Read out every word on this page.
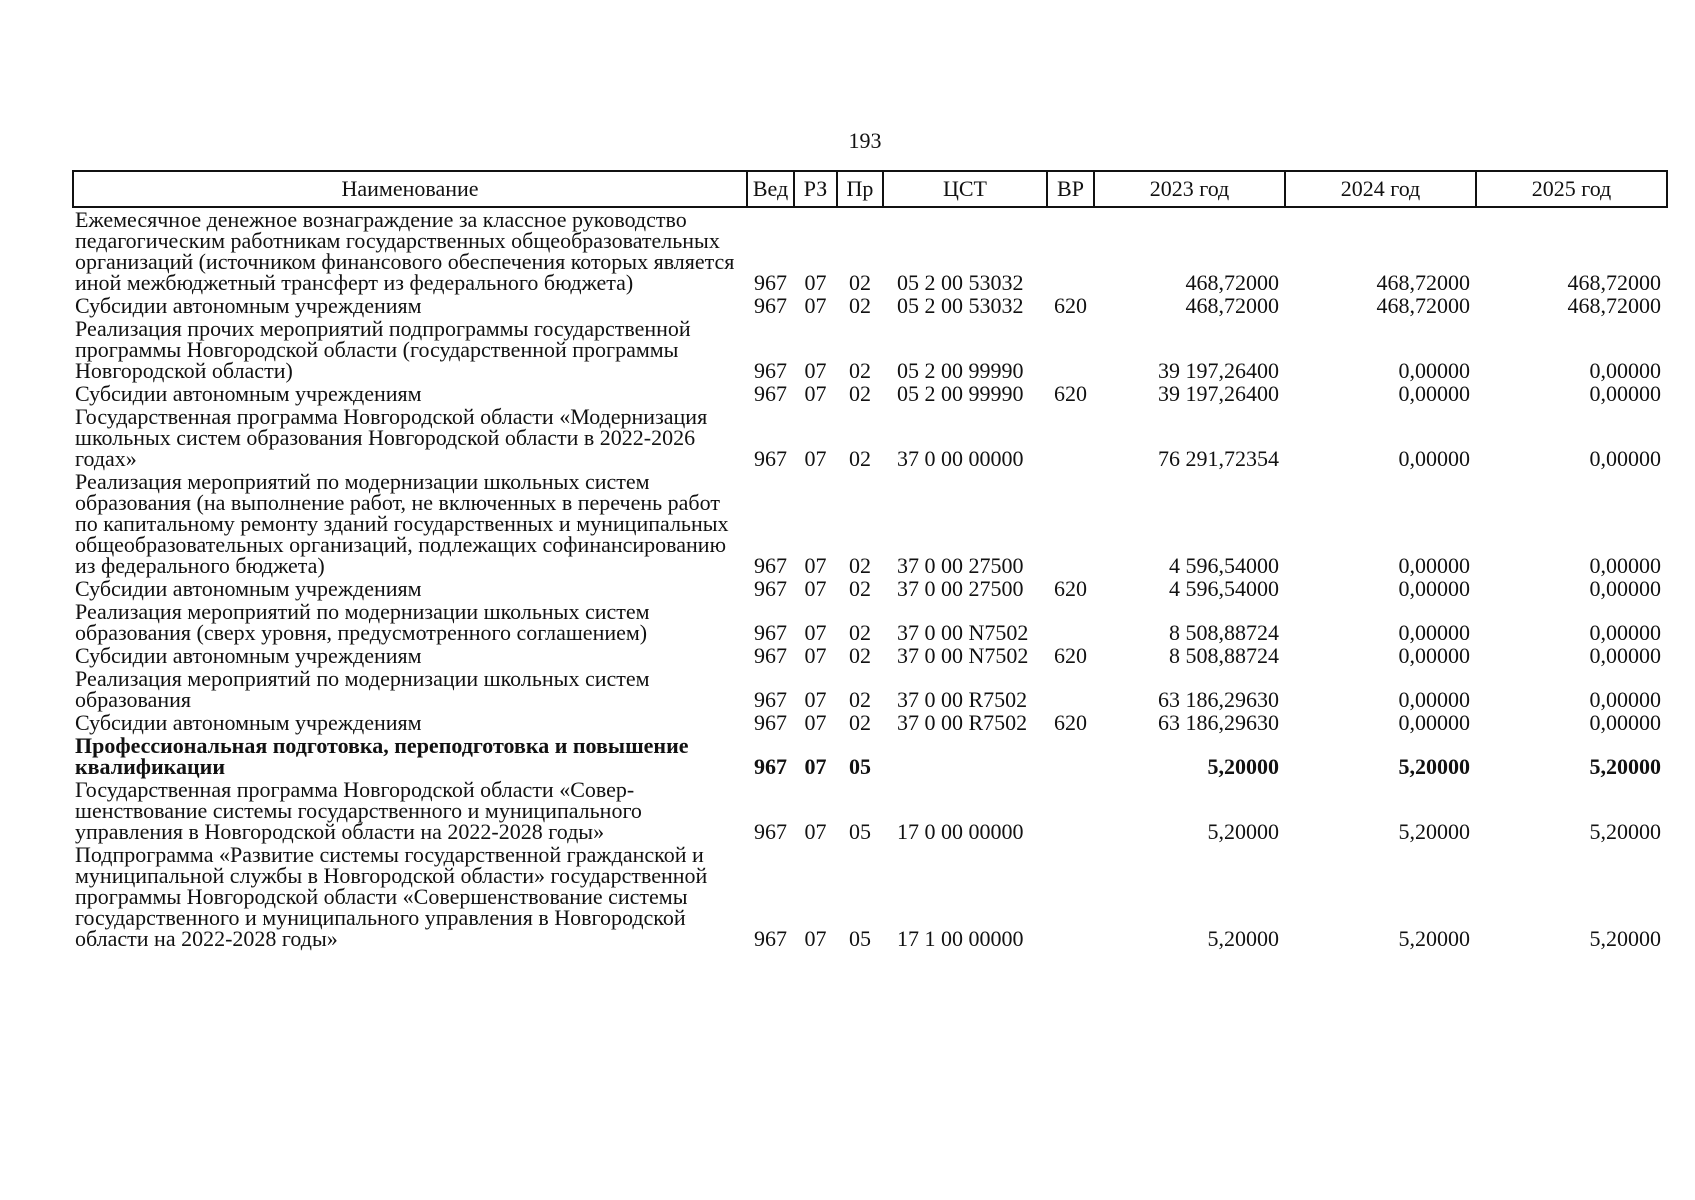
193
Наименование	Вед	РЗ	Пр	ЦСТ	ВР	2023 год	2024 год	2025 год
Ежемесячное денежное вознаграждение за классное руководство педагогическим работникам государственных общеобразовательных организаций (источником финансового обеспечения которых является иной межбюджетный трансферт из федерального бюджета)	967	07	02	05 2 00 53032		468,72000	468,72000	468,72000
Субсидии автономным учреждениям	967	07	02	05 2 00 53032	620	468,72000	468,72000	468,72000
Реализация прочих мероприятий подпрограммы государственной программы Новгородской области (государственной программы Новгородской области)	967	07	02	05 2 00 99990		39 197,26400	0,00000	0,00000
Субсидии автономным учреждениям	967	07	02	05 2 00 99990	620	39 197,26400	0,00000	0,00000
Государственная программа Новгородской области «Модернизация школьных систем образования Новгородской области в 2022-2026 годах»	967	07	02	37 0 00 00000		76 291,72354	0,00000	0,00000
Реализация мероприятий по модернизации школьных систем образования (на выполнение работ, не включенных в перечень работ по капитальному ремонту зданий государственных и муниципальных общеобразовательных организаций, подлежащих софинансированию из федерального бюджета)	967	07	02	37 0 00 27500		4 596,54000	0,00000	0,00000
Субсидии автономным учреждениям	967	07	02	37 0 00 27500	620	4 596,54000	0,00000	0,00000
Реализация мероприятий по модернизации школьных систем образования (сверх уровня, предусмотренного соглашением)	967	07	02	37 0 00 N7502		8 508,88724	0,00000	0,00000
Субсидии автономным учреждениям	967	07	02	37 0 00 N7502	620	8 508,88724	0,00000	0,00000
Реализация мероприятий по модернизации школьных систем образования	967	07	02	37 0 00 R7502		63 186,29630	0,00000	0,00000
Субсидии автономным учреждениям	967	07	02	37 0 00 R7502	620	63 186,29630	0,00000	0,00000
Профессиональная подготовка, переподготовка и повышение квалификации	967	07	05			5,20000	5,20000	5,20000
Государственная программа Новгородской области «Совершенствование системы государственного и муниципального управления в Новгородской области на 2022-2028 годы»	967	07	05	17 0 00 00000		5,20000	5,20000	5,20000
Подпрограмма «Развитие системы государственной гражданской и муниципальной службы в Новгородской области» государственной программы Новгородской области «Совершенствование системы государственного и муниципального управления в Новгородской области на 2022-2028 годы»	967	07	05	17 1 00 00000		5,20000	5,20000	5,20000
